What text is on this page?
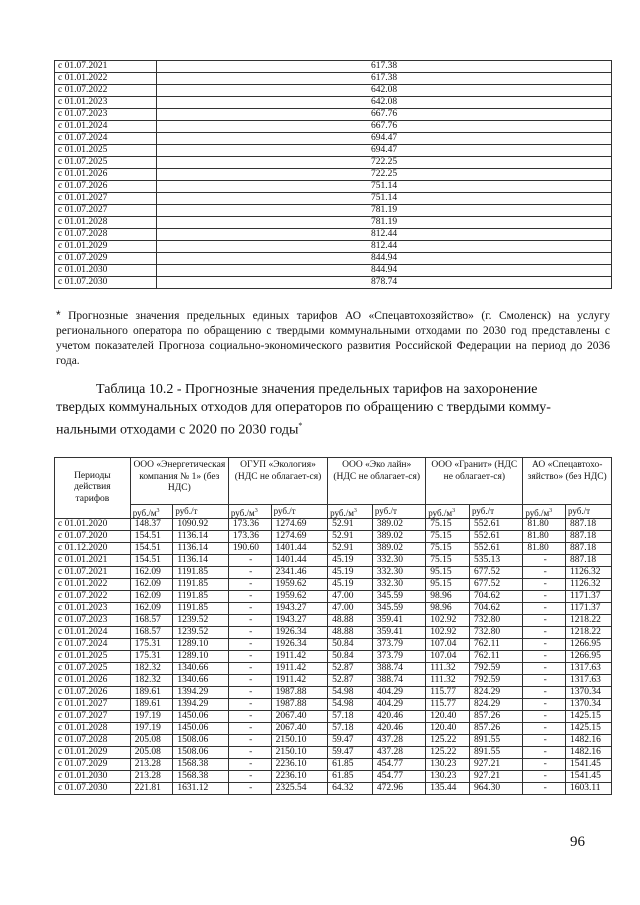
с 01.07.2021	617.38
с 01.01.2022	617.38
с 01.07.2022	642.08
с 01.01.2023	642.08
с 01.07.2023	667.76
с 01.01.2024	667.76
с 01.07.2024	694.47
с 01.01.2025	694.47
с 01.07.2025	722.25
с 01.01.2026	722.25
с 01.07.2026	751.14
с 01.01.2027	751.14
с 01.07.2027	781.19
с 01.01.2028	781.19
с 01.07.2028	812.44
с 01.01.2029	812.44
с 01.07.2029	844.94
с 01.01.2030	844.94
с 01.07.2030	878.74
* Прогнозные значения предельных единых тарифов АО «Спецавтохозяйство» (г. Смоленск) на услугу регионального оператора по обращению с твердыми коммунальными отходами по 2030 год представлены с учетом показателей Прогноза социально-экономического развития Российской Федерации на период до 2036 года.
Таблица 10.2 - Прогнозные значения предельных тарифов на захоронение
твердых коммунальных отходов для операторов по обращению с твердыми комму-
нальными отходами с 2020 по 2030 годы*
Периоды действия тарифов	ООО «Энергетическая компания № 1» (без НДС)		ОГУП «Экология» (НДС не облагает-ся)		ООО «Эко лайн» (НДС не облагает-ся)		ООО «Гранит» (НДС не облагает-ся)		АО «Спецавтохо-зяйство» (без НДС)	
	$руб./м^3$	руб./т	$руб./м^3$	руб./т	$руб./м^3$	руб./т	$руб./м^3$	руб./т	$руб./м^3$	руб./т
с 01.01.2020	148.37	1090.92	173.36	1274.69	52.91	389.02	75.15	552.61	81.80	887.18
с 01.07.2020	154.51	1136.14	173.36	1274.69	52.91	389.02	75.15	552.61	81.80	887.18
с 01.12.2020	154.51	1136.14	190.60	1401.44	52.91	389.02	75.15	552.61	81.80	887.18
с 01.01.2021	154.51	1136.14	-	1401.44	45.19	332.30	75.15	535.13	-	887.18
с 01.07.2021	162.09	1191.85	-	2341.46	45.19	332.30	95.15	677.52	-	1126.32
с 01.01.2022	162.09	1191.85	-	1959.62	45.19	332.30	95.15	677.52	-	1126.32
с 01.07.2022	162.09	1191.85	-	1959.62	47.00	345.59	98.96	704.62	-	1171.37
с 01.01.2023	162.09	1191.85	-	1943.27	47.00	345.59	98.96	704.62	-	1171.37
с 01.07.2023	168.57	1239.52	-	1943.27	48.88	359.41	102.92	732.80	-	1218.22
с 01.01.2024	168.57	1239.52	-	1926.34	48.88	359.41	102.92	732.80	-	1218.22
с 01.07.2024	175.31	1289.10	-	1926.34	50.84	373.79	107.04	762.11	-	1266.95
с 01.01.2025	175.31	1289.10	-	1911.42	50.84	373.79	107.04	762.11	-	1266.95
с 01.07.2025	182.32	1340.66	-	1911.42	52.87	388.74	111.32	792.59	-	1317.63
с 01.01.2026	182.32	1340.66	-	1911.42	52.87	388.74	111.32	792.59	-	1317.63
с 01.07.2026	189.61	1394.29	-	1987.88	54.98	404.29	115.77	824.29	-	1370.34
с 01.01.2027	189.61	1394.29	-	1987.88	54.98	404.29	115.77	824.29	-	1370.34
с 01.07.2027	197.19	1450.06	-	2067.40	57.18	420.46	120.40	857.26	-	1425.15
с 01.01.2028	197.19	1450.06	-	2067.40	57.18	420.46	120.40	857.26	-	1425.15
с 01.07.2028	205.08	1508.06	-	2150.10	59.47	437.28	125.22	891.55	-	1482.16
с 01.01.2029	205.08	1508.06	-	2150.10	59.47	437.28	125.22	891.55	-	1482.16
с 01.07.2029	213.28	1568.38	-	2236.10	61.85	454.77	130.23	927.21	-	1541.45
с 01.01.2030	213.28	1568.38	-	2236.10	61.85	454.77	130.23	927.21	-	1541.45
с 01.07.2030	221.81	1631.12	-	2325.54	64.32	472.96	135.44	964.30	-	1603.11
96
